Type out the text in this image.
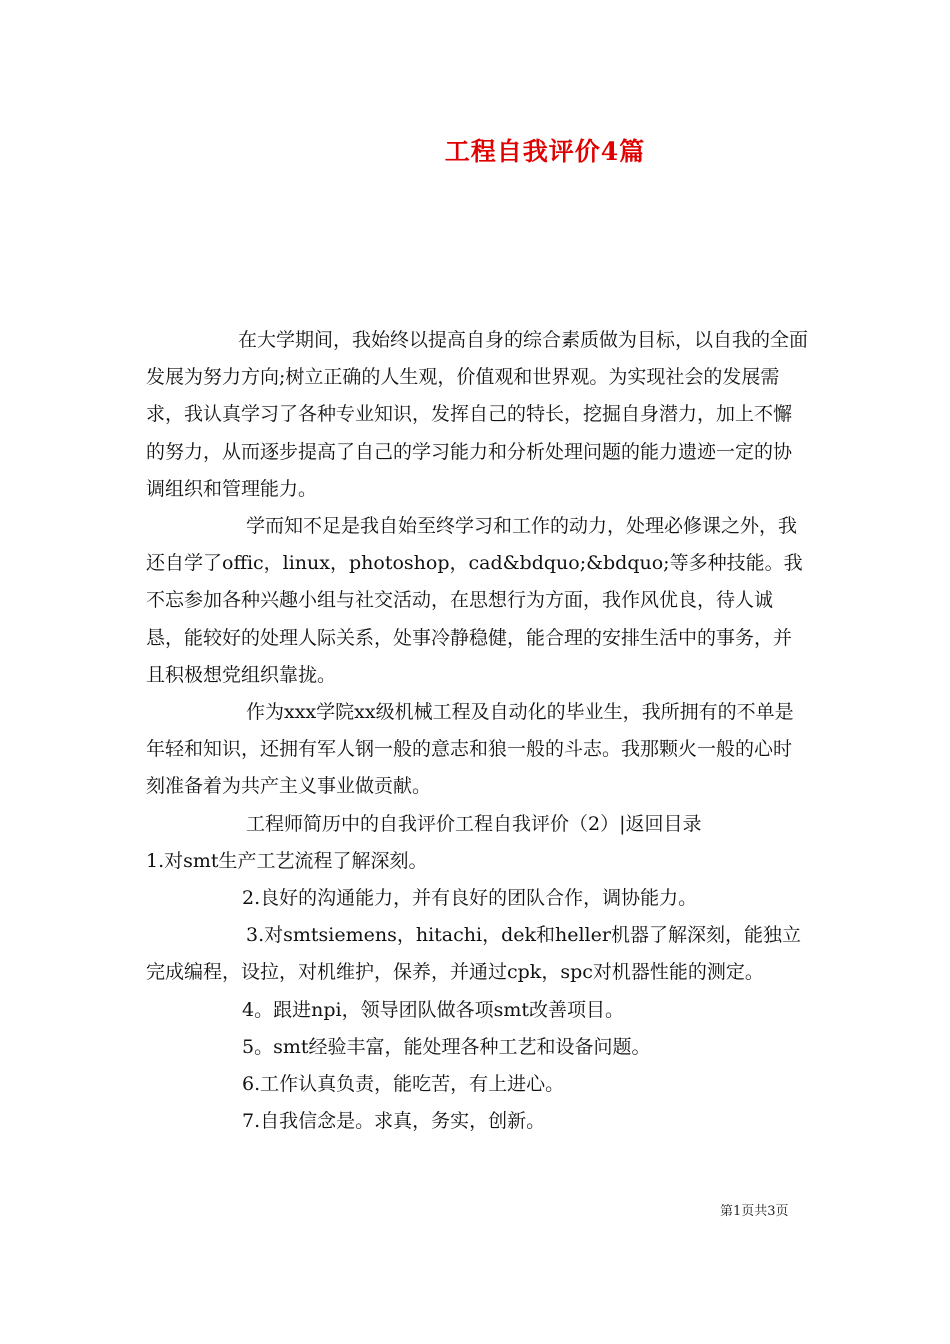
工程自我评价4篇

在大学期间，我始终以提高自身的综合素质做为目标，以自我的全面发展为努力方向;树立正确的人生观，价值观和世界观。为实现社会的发展需求，我认真学习了各种专业知识，发挥自己的特长，挖掘自身潜力，加上不懈的努力，从而逐步提高了自己的学习能力和分析处理问题的能力遗迹一定的协调组织和管理能力。

学而知不足是我自始至终学习和工作的动力，处理必修课之外，我还自学了offic，linux，photoshop，cad&bdquo;&bdquo;等多种技能。我不忘参加各种兴趣小组与社交活动，在思想行为方面，我作风优良，待人诚恳，能较好的处理人际关系，处事冷静稳健，能合理的安排生活中的事务，并且积极想党组织靠拢。

作为xxx学院xx级机械工程及自动化的毕业生，我所拥有的不单是年轻和知识，还拥有军人钢一般的意志和狼一般的斗志。我那颗火一般的心时刻准备着为共产主义事业做贡献。

工程师简历中的自我评价工程自我评价（2）|返回目录

1.对smt生产工艺流程了解深刻。

2.良好的沟通能力，并有良好的团队合作，调协能力。

3.对smtsiemens，hitachi，dek和heller机器了解深刻，能独立完成编程，设拉，对机维护，保养，并通过cpk，spc对机器性能的测定。

4。跟进npi，领导团队做各项smt改善项目。

5。smt经验丰富，能处理各种工艺和设备问题。

6.工作认真负责，能吃苦，有上进心。

7.自我信念是。求真，务实，创新。

第1页共3页
